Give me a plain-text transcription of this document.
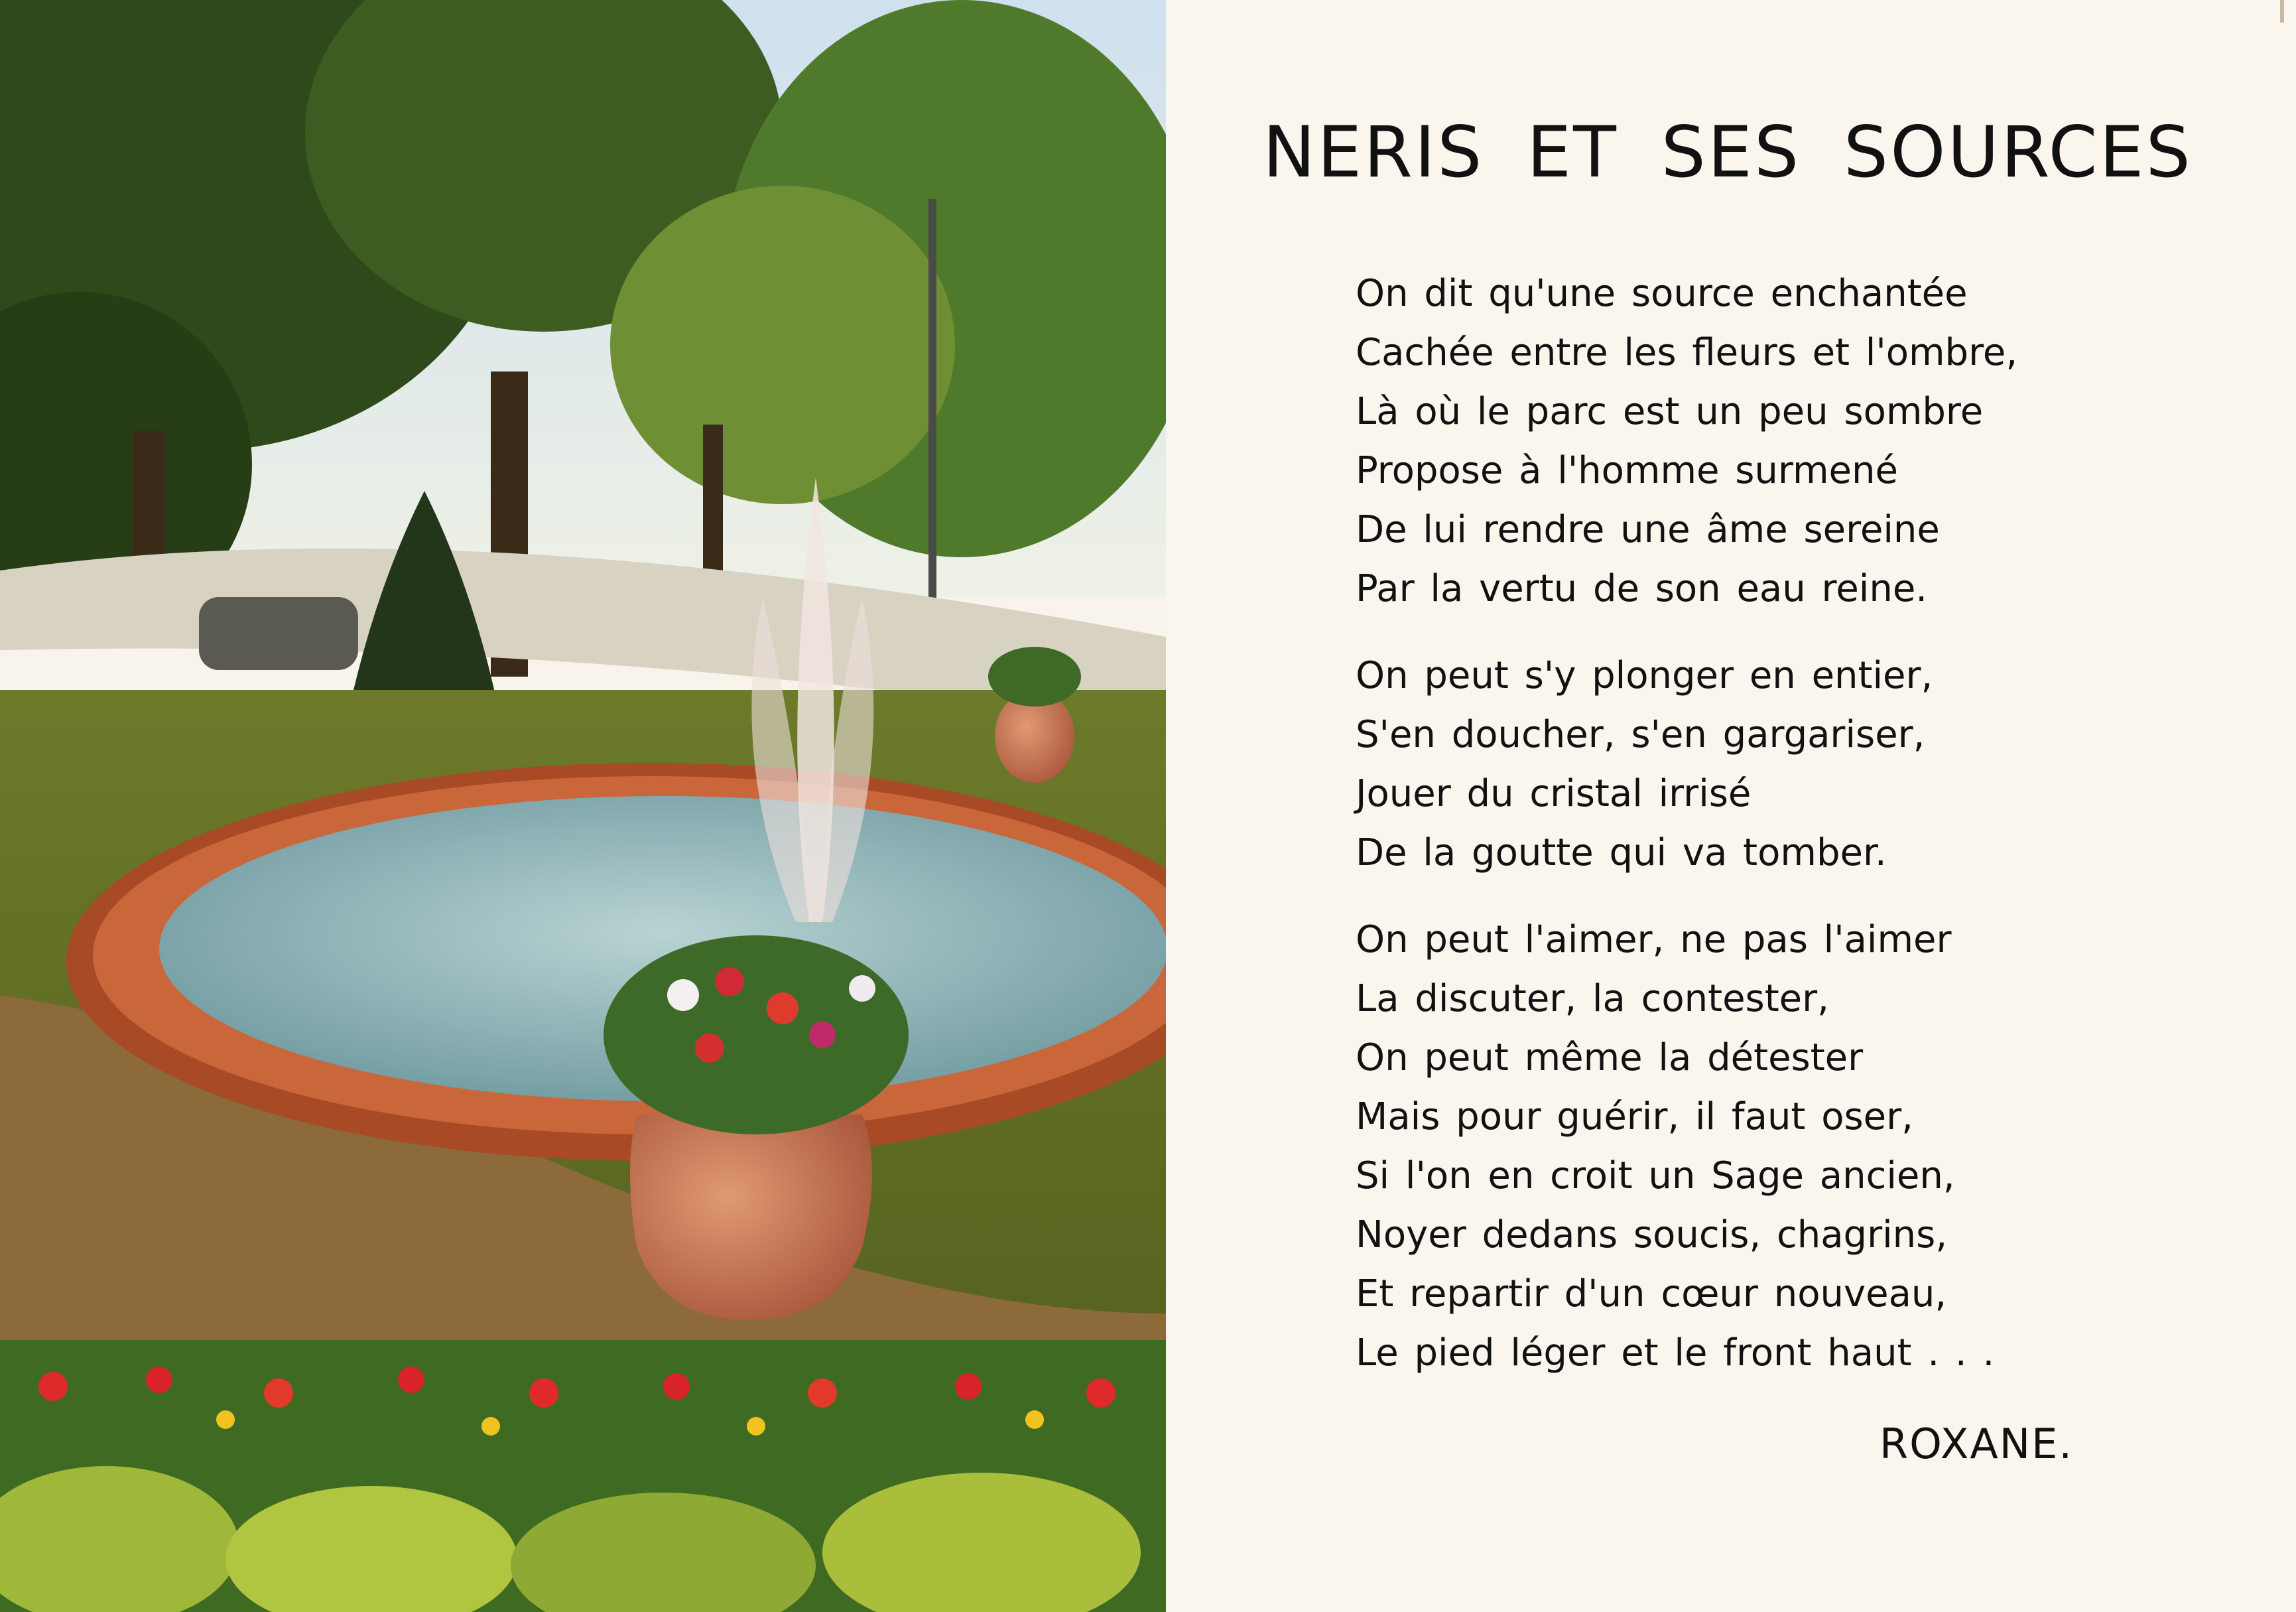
NERIS ET SES SOURCES
On dit qu'une source enchantée
Cachée entre les fleurs et l'ombre,
Là où le parc est un peu sombre
Propose à l'homme surmené
De lui rendre une âme sereine
Par la vertu de son eau reine.
On peut s'y plonger en entier,
S'en doucher, s'en gargariser,
Jouer du cristal irrisé
De la goutte qui va tomber.
On peut l'aimer, ne pas l'aimer
La discuter, la contester,
On peut même la détester
Mais pour guérir, il faut oser,
Si l'on en croit un Sage ancien,
Noyer dedans soucis, chagrins,
Et repartir d'un cœur nouveau,
Le pied léger et le front haut . . .
ROXANE.
